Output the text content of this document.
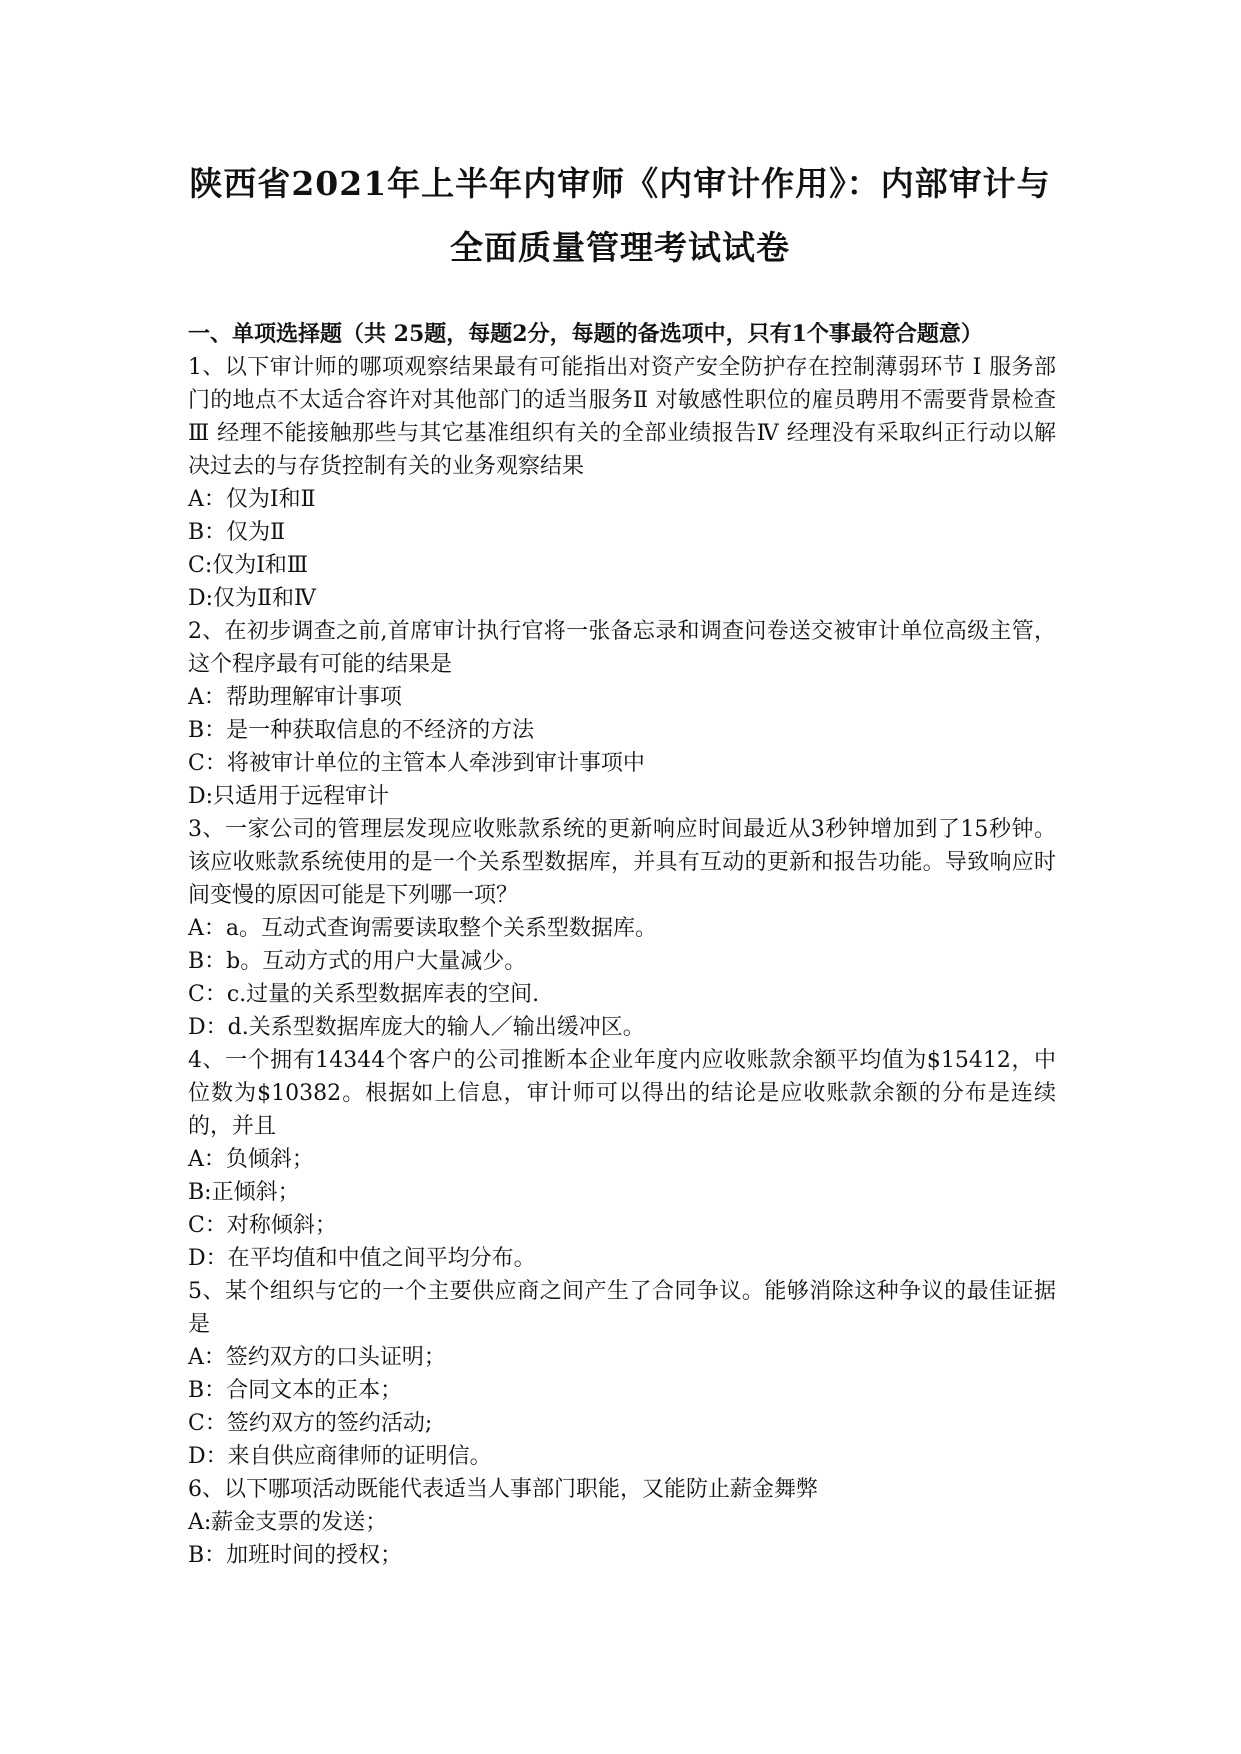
陕西省2021年上半年内审师《内审计作用》：内部审计与
全面质量管理考试试卷

一、单项选择题（共 25题，每题2分，每题的备选项中，只有1个事最符合题意）

1、以下审计师的哪项观察结果最有可能指出对资产安全防护存在控制薄弱环节 Ⅰ 服务部门的地点不太适合容许对其他部门的适当服务Ⅱ 对敏感性职位的雇员聘用不需要背景检查Ⅲ 经理不能接触那些与其它基准组织有关的全部业绩报告Ⅳ 经理没有采取纠正行动以解决过去的与存货控制有关的业务观察结果

A：仅为Ⅰ和Ⅱ

B：仅为Ⅱ

C:仅为Ⅰ和Ⅲ

D:仅为Ⅱ和Ⅳ

2、在初步调查之前,首席审计执行官将一张备忘录和调查问卷送交被审计单位高级主管，这个程序最有可能的结果是

A：帮助理解审计事项

B：是一种获取信息的不经济的方法

C：将被审计单位的主管本人牵涉到审计事项中

D:只适用于远程审计

3、一家公司的管理层发现应收账款系统的更新响应时间最近从3秒钟增加到了15秒钟。该应收账款系统使用的是一个关系型数据库，并具有互动的更新和报告功能。导致响应时间变慢的原因可能是下列哪一项？

A：a。互动式查询需要读取整个关系型数据库。

B：b。互动方式的用户大量减少。

C：c.过量的关系型数据库表的空间.

D：d.关系型数据库庞大的输人／输出缓冲区。

4、一个拥有14344个客户的公司推断本企业年度内应收账款余额平均值为$15412，中位数为$10382。根据如上信息，审计师可以得出的结论是应收账款余额的分布是连续的，并且

A：负倾斜；

B:正倾斜；

C：对称倾斜；

D：在平均值和中值之间平均分布。

5、某个组织与它的一个主要供应商之间产生了合同争议。能够消除这种争议的最佳证据是

A：签约双方的口头证明；

B：合同文本的正本；

C：签约双方的签约活动;

D：来自供应商律师的证明信。

6、以下哪项活动既能代表适当人事部门职能，又能防止薪金舞弊

A:薪金支票的发送；

B：加班时间的授权；
